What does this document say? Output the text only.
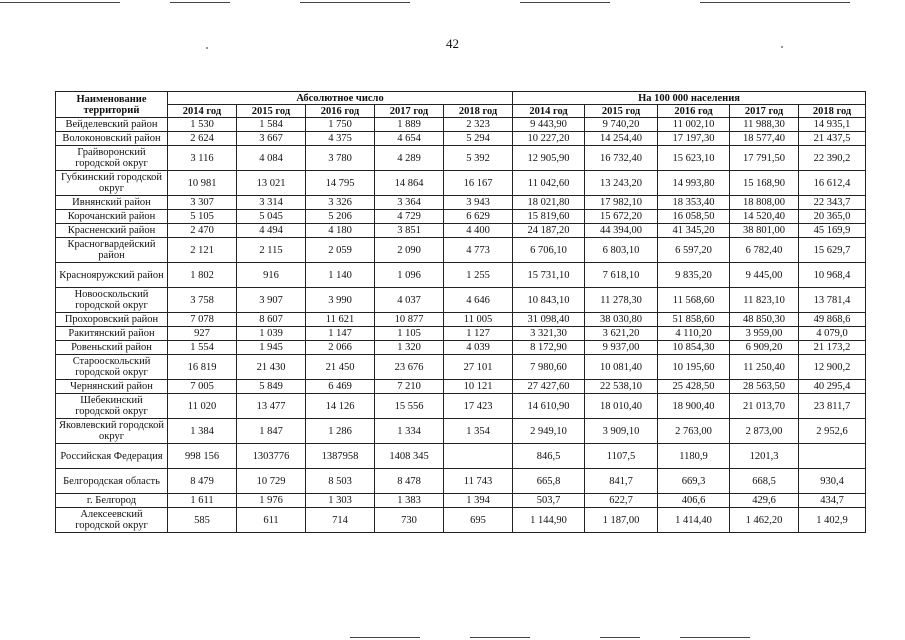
42
Наименование территорий	Абсолютное число					На 100 000 населения				
	2014 год	2015 год	2016 год	2017 год	2018 год	2014 год	2015 год	2016 год	2017 год	2018 год
Вейделевский район	1 530	1 584	1 750	1 889	2 323	9 443,90	9 740,20	11 002,10	11 988,30	14 935,1
Волоконовский район	2 624	3 667	4 375	4 654	5 294	10 227,20	14 254,40	17 197,30	18 577,40	21 437,5
Грайворонский городской округ	3 116	4 084	3 780	4 289	5 392	12 905,90	16 732,40	15 623,10	17 791,50	22 390,2
Губкинский городской округ	10 981	13 021	14 795	14 864	16 167	11 042,60	13 243,20	14 993,80	15 168,90	16 612,4
Ивнянский район	3 307	3 314	3 326	3 364	3 943	18 021,80	17 982,10	18 353,40	18 808,00	22 343,7
Корочанский район	5 105	5 045	5 206	4 729	6 629	15 819,60	15 672,20	16 058,50	14 520,40	20 365,0
Красненский район	2 470	4 494	4 180	3 851	4 400	24 187,20	44 394,00	41 345,20	38 801,00	45 169,9
Красногвардейский район	2 121	2 115	2 059	2 090	4 773	6 706,10	6 803,10	6 597,20	6 782,40	15 629,7
Краснояружский район	1 802	916	1 140	1 096	1 255	15 731,10	7 618,10	9 835,20	9 445,00	10 968,4
Новооскольский городской округ	3 758	3 907	3 990	4 037	4 646	10 843,10	11 278,30	11 568,60	11 823,10	13 781,4
Прохоровский район	7 078	8 607	11 621	10 877	11 005	31 098,40	38 030,80	51 858,60	48 850,30	49 868,6
Ракитянский район	927	1 039	1 147	1 105	1 127	3 321,30	3 621,20	4 110,20	3 959,00	4 079,0
Ровеньский район	1 554	1 945	2 066	1 320	4 039	8 172,90	9 937,00	10 854,30	6 909,20	21 173,2
Старооскольский городской округ	16 819	21 430	21 450	23 676	27 101	7 980,60	10 081,40	10 195,60	11 250,40	12 900,2
Чернянский район	7 005	5 849	6 469	7 210	10 121	27 427,60	22 538,10	25 428,50	28 563,50	40 295,4
Шебекинский городской округ	11 020	13 477	14 126	15 556	17 423	14 610,90	18 010,40	18 900,40	21 013,70	23 811,7
Яковлевский городской округ	1 384	1 847	1 286	1 334	1 354	2 949,10	3 909,10	2 763,00	2 873,00	2 952,6
Российская Федерация	998 156	1303776	1387958	1408 345		846,5	1107,5	1180,9	1201,3	
Белгородская область	8 479	10 729	8 503	8 478	11 743	665,8	841,7	669,3	668,5	930,4
г. Белгород	1 611	1 976	1 303	1 383	1 394	503,7	622,7	406,6	429,6	434,7
Алексеевский городской округ	585	611	714	730	695	1 144,90	1 187,00	1 414,40	1 462,20	1 402,9
